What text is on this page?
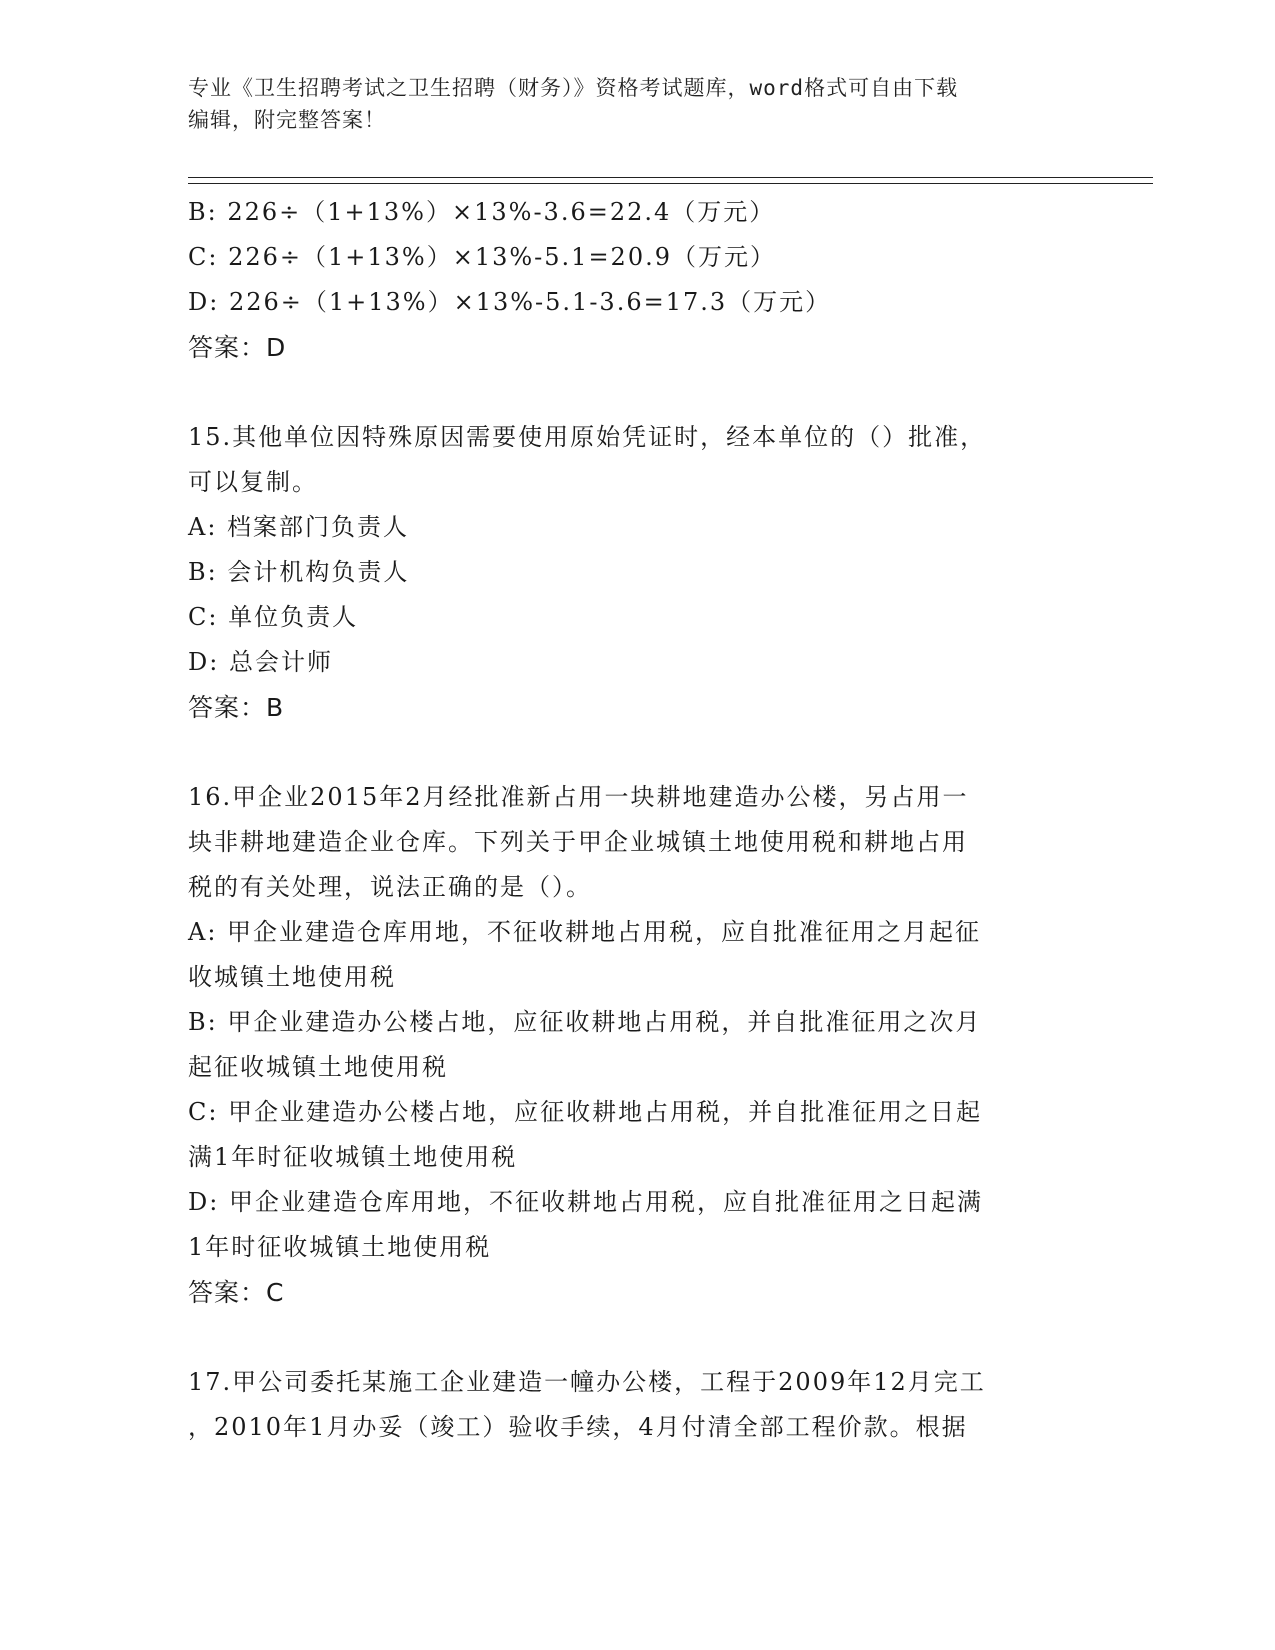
专业《卫生招聘考试之卫生招聘（财务）》资格考试题库，word格式可自由下载

编辑，附完整答案！

B: 226÷（1+13%）×13%-3.6=22.4（万元）

C: 226÷（1+13%）×13%-5.1=20.9（万元）

D: 226÷（1+13%）×13%-5.1-3.6=17.3（万元）

答案：D

15.其他单位因特殊原因需要使用原始凭证时，经本单位的（）批准，

可以复制。

A: 档案部门负责人

B: 会计机构负责人

C: 单位负责人

D: 总会计师

答案：B

16.甲企业2015年2月经批准新占用一块耕地建造办公楼，另占用一

块非耕地建造企业仓库。下列关于甲企业城镇土地使用税和耕地占用

税的有关处理，说法正确的是（）。

A: 甲企业建造仓库用地，不征收耕地占用税，应自批准征用之月起征

收城镇土地使用税

B: 甲企业建造办公楼占地，应征收耕地占用税，并自批准征用之次月

起征收城镇土地使用税

C: 甲企业建造办公楼占地，应征收耕地占用税，并自批准征用之日起

满1年时征收城镇土地使用税

D: 甲企业建造仓库用地，不征收耕地占用税，应自批准征用之日起满

1年时征收城镇土地使用税

答案：C

17.甲公司委托某施工企业建造一幢办公楼，工程于2009年12月完工

，2010年1月办妥（竣工）验收手续，4月付清全部工程价款。根据
